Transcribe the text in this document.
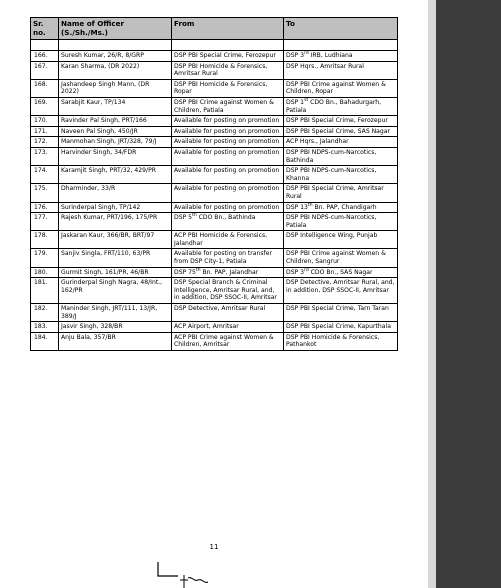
Sr. no.	Name of Officer (S./Sh./Ms.)	From	To

166.	Suresh Kumar, 26/R, 8/GRP	DSP PBI Special Crime, Ferozepur	DSP 3rd IRB, Ludhiana
167.	Karan Sharma, (DR 2022)	DSP PBI Homicide & Forensics, Amritsar Rural	DSP Hqrs., Amritsar Rural
168.	Jashandeep Singh Mann, (DR 2022)	DSP PBI Homicide & Forensics, Ropar	DSP PBI Crime against Women & Children, Ropar
169.	Sarabjit Kaur, TP/134	DSP PBI Crime against Women & Children, Patiala	DSP 1st CDO Bn., Bahadurgarh, Patiala
170.	Ravinder Pal Singh, PRT/166	Available for posting on promotion	DSP PBI Special Crime, Ferozepur
171.	Naveen Pal Singh, 450/JR	Available for posting on promotion	DSP PBI Special Crime, SAS Nagar
172.	Manmohan Singh, JRT/328, 79/J	Available for posting on promotion	ACP Hqrs., Jalandhar
173.	Harvinder Singh, 34/FDR	Available for posting on promotion	DSP PBI NDPS-cum-Narcotics, Bathinda
174.	Karamjit Singh, PRT/32, 429/PR	Available for posting on promotion	DSP PBI NDPS-cum-Narcotics, Khanna
175.	Dharminder, 33/R	Available for posting on promotion	DSP PBI Special Crime, Amritsar Rural
176.	Surinderpal Singh, TP/142	Available for posting on promotion	DSP 13th Bn. PAP, Chandigarh
177.	Rajesh Kumar, PRT/196, 175/PR	DSP 5th CDO Bn., Bathinda	DSP PBI NDPS-cum-Narcotics, Patiala
178.	Jaskaran Kaur, 366/BR, BRT/97	ACP PBI Homicide & Forensics, Jalandhar	DSP Intelligence Wing, Punjab
179.	Sanjiv Singla, FRT/110, 63/PR	Available for posting on transfer from DSP City-1, Patiala	DSP PBI Crime against Women & Children, Sangrur
180.	Gurmit Singh, 161/PR, 46/BR	DSP 75th Bn. PAP, Jalandhar	DSP 3rd CDO Bn., SAS Nagar
181.	Gurinderpal Singh Nagra, 48/Int., 162/PR	DSP Special Branch & Criminal Intelligence, Amritsar Rural, and, in addition, DSP SSOC-II, Amritsar	DSP Detective, Amritsar Rural, and, in addition, DSP SSOC-II, Amritsar
182.	Maninder Singh, JRT/111, 13/JR, 389/J	DSP Detective, Amritsar Rural	DSP PBI Special Crime, Tarn Taran
183.	Jasvir Singh, 328/BR	ACP Airport, Amritsar	DSP PBI Special Crime, Kapurthala
184.	Anju Bala, 357/BR	ACP PBI Crime against Women & Children, Amritsar	DSP PBI Homicide & Forensics, Pathankot
11
